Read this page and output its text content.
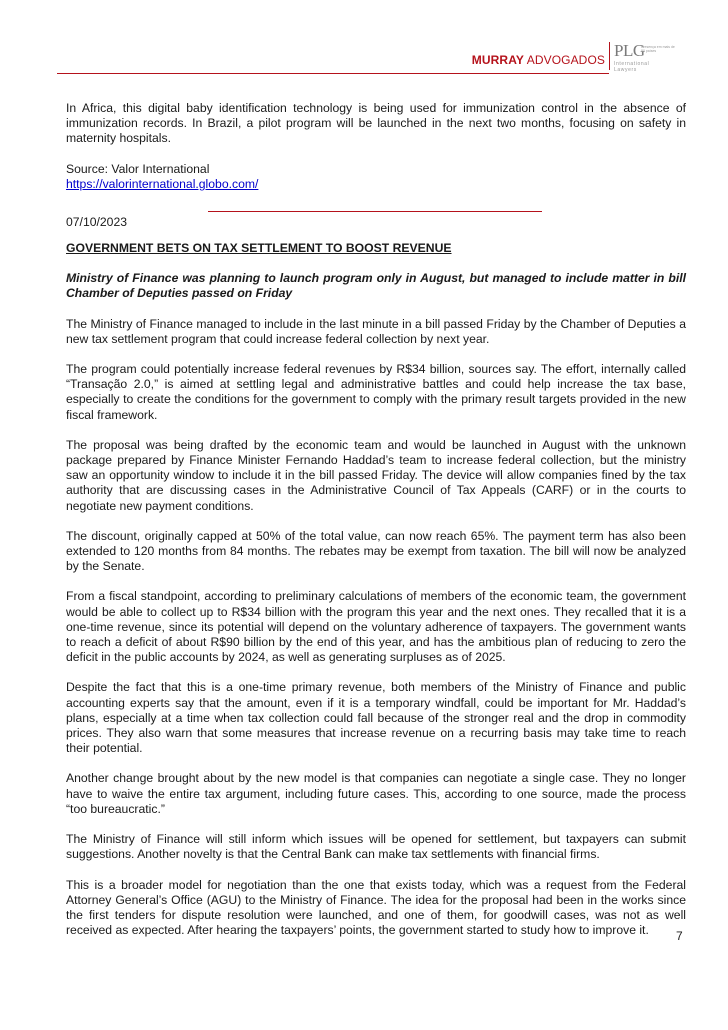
MURRAY ADVOGADOS PLG
Presença em mais de 80 países
International Lawyers

In Africa, this digital baby identification technology is being used for immunization control in the absence of immunization records. In Brazil, a pilot program will be launched in the next two months, focusing on safety in maternity hospitals.

Source: Valor International

https://valorinternational.globo.com/

07/10/2023

GOVERNMENT BETS ON TAX SETTLEMENT TO BOOST REVENUE

Ministry of Finance was planning to launch program only in August, but managed to include matter in bill Chamber of Deputies passed on Friday

The Ministry of Finance managed to include in the last minute in a bill passed Friday by the Chamber of Deputies a new tax settlement program that could increase federal collection by next year.

The program could potentially increase federal revenues by R$34 billion, sources say. The effort, internally called “Transação 2.0,” is aimed at settling legal and administrative battles and could help increase the tax base, especially to create the conditions for the government to comply with the primary result targets provided in the new fiscal framework.

The proposal was being drafted by the economic team and would be launched in August with the unknown package prepared by Finance Minister Fernando Haddad’s team to increase federal collection, but the ministry saw an opportunity window to include it in the bill passed Friday. The device will allow companies fined by the tax authority that are discussing cases in the Administrative Council of Tax Appeals (CARF) or in the courts to negotiate new payment conditions.

The discount, originally capped at 50% of the total value, can now reach 65%. The payment term has also been extended to 120 months from 84 months. The rebates may be exempt from taxation. The bill will now be analyzed by the Senate.

From a fiscal standpoint, according to preliminary calculations of members of the economic team, the government would be able to collect up to R$34 billion with the program this year and the next ones. They recalled that it is a one-time revenue, since its potential will depend on the voluntary adherence of taxpayers. The government wants to reach a deficit of about R$90 billion by the end of this year, and has the ambitious plan of reducing to zero the deficit in the public accounts by 2024, as well as generating surpluses as of 2025.

Despite the fact that this is a one-time primary revenue, both members of the Ministry of Finance and public accounting experts say that the amount, even if it is a temporary windfall, could be important for Mr. Haddad’s plans, especially at a time when tax collection could fall because of the stronger real and the drop in commodity prices. They also warn that some measures that increase revenue on a recurring basis may take time to reach their potential.

Another change brought about by the new model is that companies can negotiate a single case. They no longer have to waive the entire tax argument, including future cases. This, according to one source, made the process “too bureaucratic.”

The Ministry of Finance will still inform which issues will be opened for settlement, but taxpayers can submit suggestions. Another novelty is that the Central Bank can make tax settlements with financial firms.

This is a broader model for negotiation than the one that exists today, which was a request from the Federal Attorney General’s Office (AGU) to the Ministry of Finance. The idea for the proposal had been in the works since the first tenders for dispute resolution were launched, and one of them, for goodwill cases, was not as well received as expected. After hearing the taxpayers’ points, the government started to study how to improve it.	7
